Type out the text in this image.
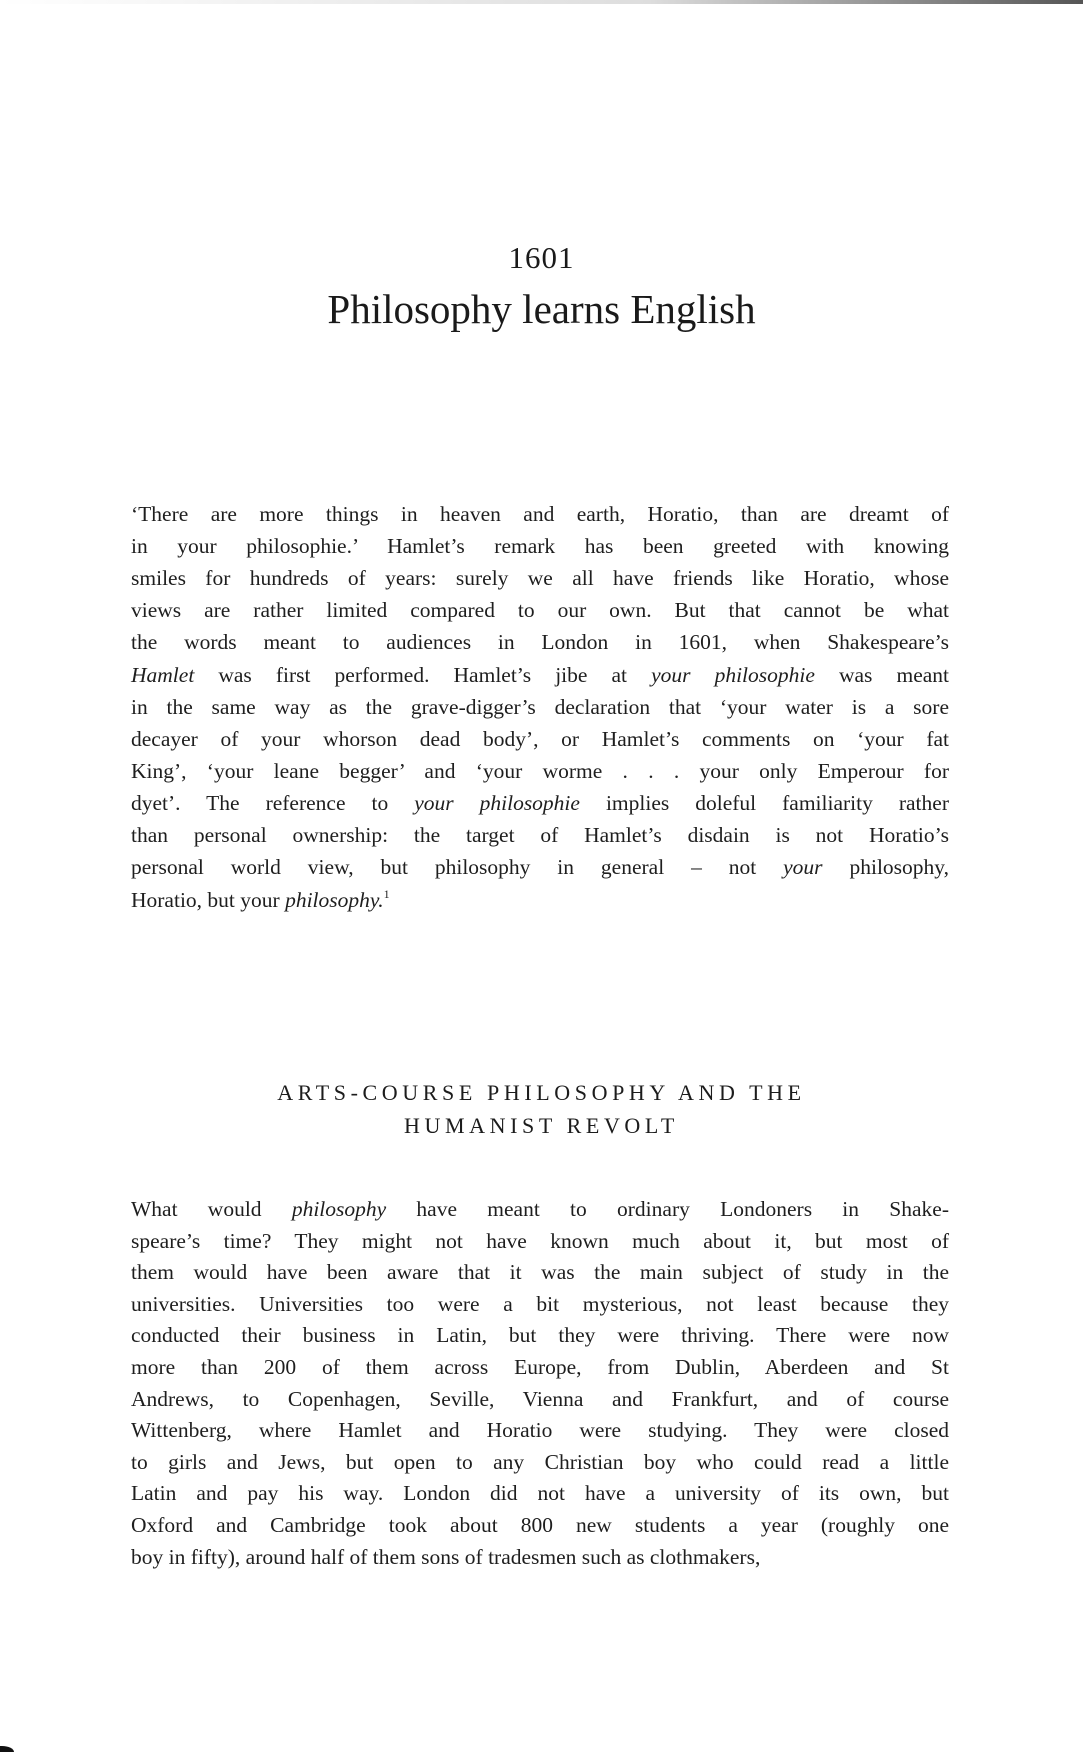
1601
Philosophy learns English
‘There are more things in heaven and earth, Horatio, than are dreamt of
in your philosophie.’ Hamlet’s remark has been greeted with knowing
smiles for hundreds of years: surely we all have friends like Horatio, whose
views are rather limited compared to our own. But that cannot be what
the words meant to audiences in London in 1601, when Shakespeare’s
Hamlet was first performed. Hamlet’s jibe at your philosophie was meant
in the same way as the grave-digger’s declaration that ‘your water is a sore
decayer of your whorson dead body’, or Hamlet’s comments on ‘your fat
King’, ‘your leane begger’ and ‘your worme . . . your only Emperour for
dyet’. The reference to your philosophie implies doleful familiarity rather
than personal ownership: the target of Hamlet’s disdain is not Horatio’s
personal world view, but philosophy in general – not your philosophy,
Horatio, but your philosophy.$^1$
ARTS-COURSE PHILOSOPHY AND THE
HUMANIST REVOLT
What would philosophy have meant to ordinary Londoners in Shake-
speare’s time? They might not have known much about it, but most of
them would have been aware that it was the main subject of study in the
universities. Universities too were a bit mysterious, not least because they
conducted their business in Latin, but they were thriving. There were now
more than 200 of them across Europe, from Dublin, Aberdeen and St
Andrews, to Copenhagen, Seville, Vienna and Frankfurt, and of course
Wittenberg, where Hamlet and Horatio were studying. They were closed
to girls and Jews, but open to any Christian boy who could read a little
Latin and pay his way. London did not have a university of its own, but
Oxford and Cambridge took about 800 new students a year (roughly one
boy in fifty), around half of them sons of tradesmen such as clothmakers,
